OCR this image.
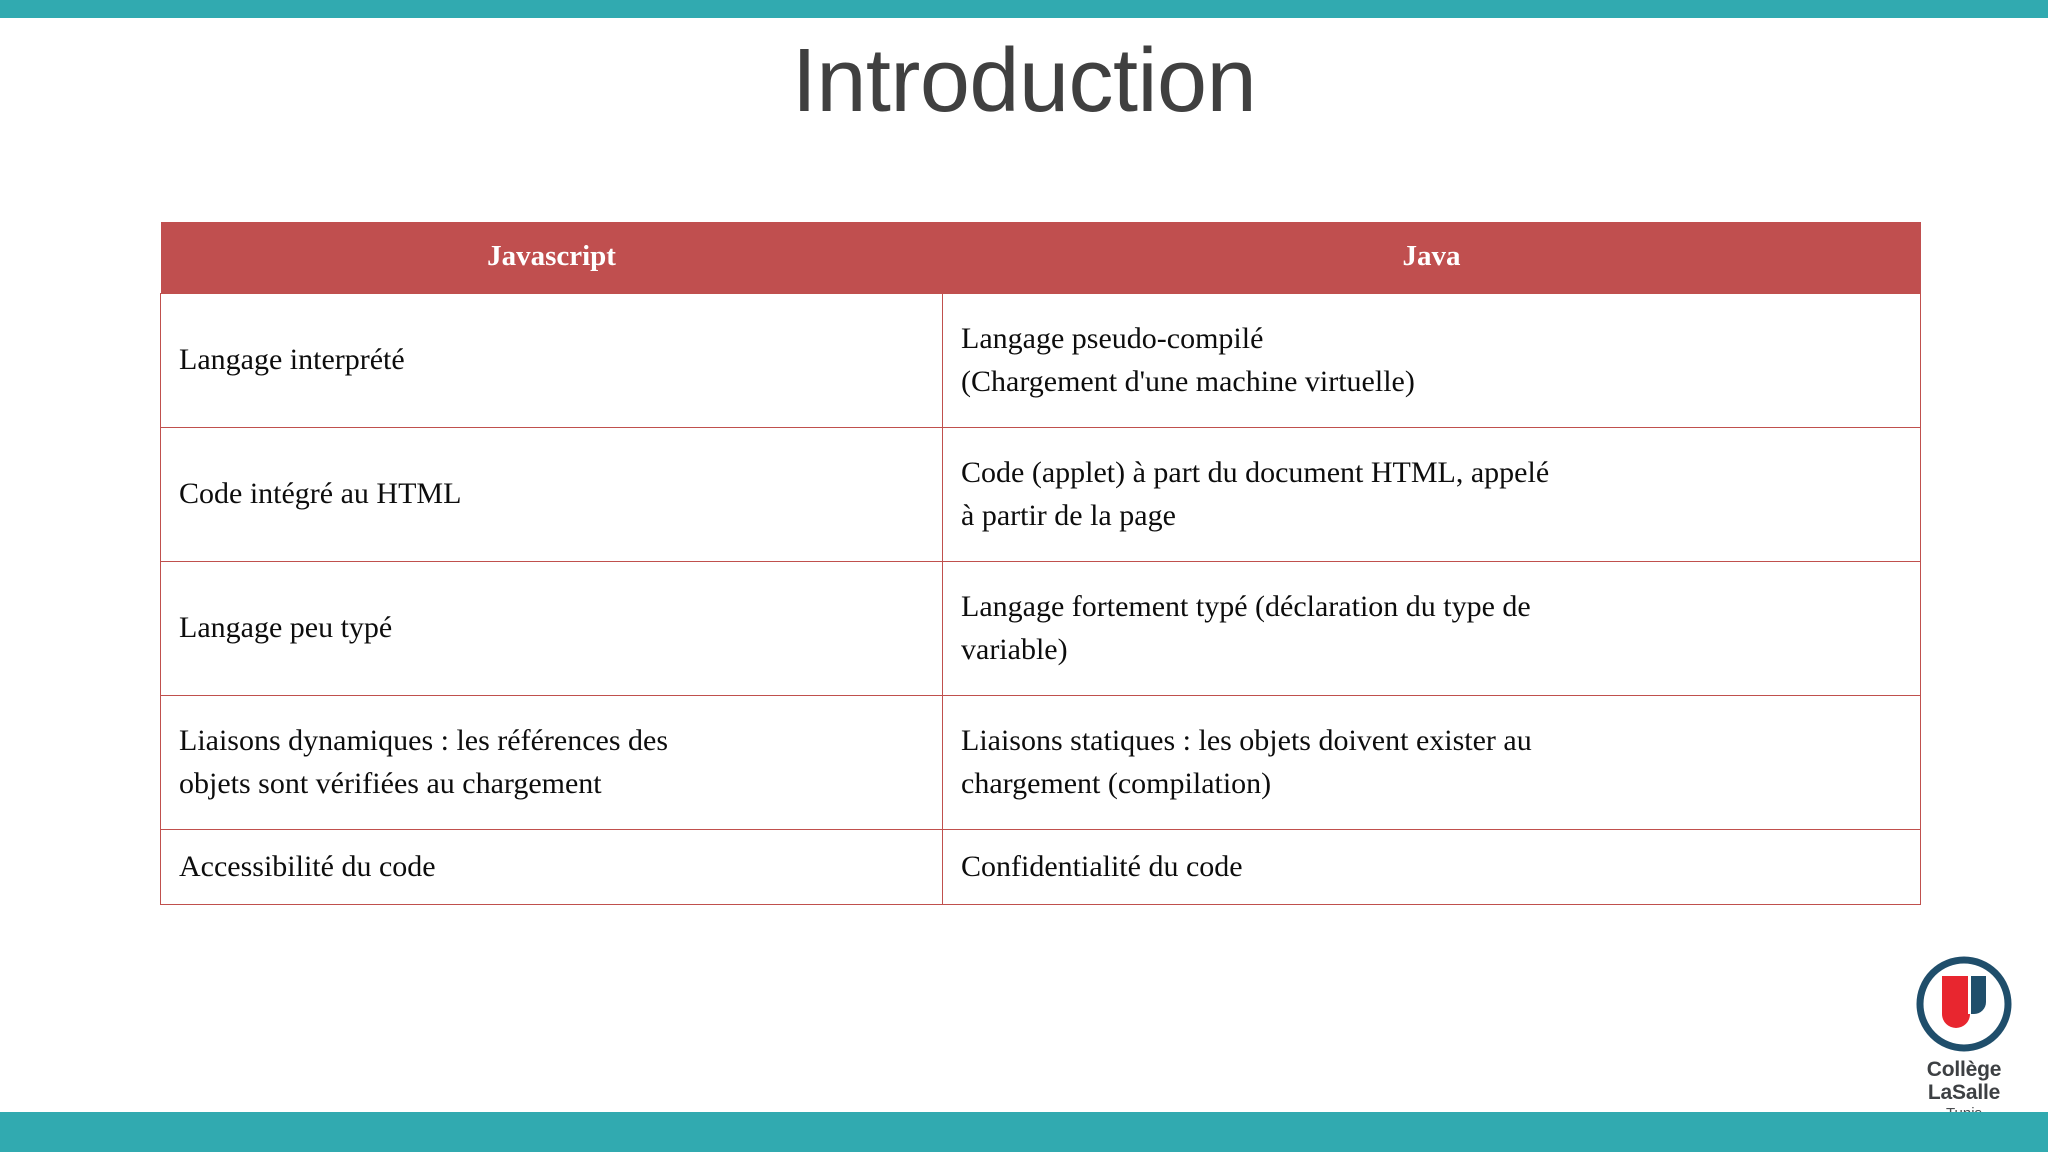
Introduction
Javascript	Java

Langage interprété	Langage pseudo-compilé
(Chargement d'une machine virtuelle)

Code intégré au HTML	Code (applet) à part du document HTML, appelé
à partir de la page

Langage peu typé	Langage fortement typé (déclaration du type de
variable)

Liaisons dynamiques : les références des
objets sont vérifiées au chargement	Liaisons statiques : les objets doivent exister au
chargement (compilation)

Accessibilité du code	Confidentialité du code
Collège LaSalle
